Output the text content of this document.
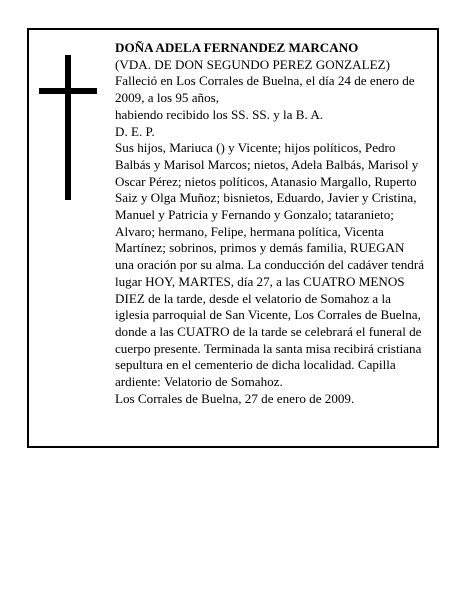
DOÑA ADELA FERNANDEZ MARCANO

(VDA. DE DON SEGUNDO PEREZ GONZALEZ)

Falleció en Los Corrales de Buelna, el día 24 de enero de 2009, a los 95 años,

habiendo recibido los SS. SS. y la B. A.

D. E. P.

Sus hijos, Mariuca () y Vicente; hijos políticos, Pedro Balbás y Marisol Marcos; nietos, Adela Balbás, Marisol y Oscar Pérez; nietos políticos, Atanasio Margallo, Ruperto Saiz y Olga Muñoz; bisnietos, Eduardo, Javier y Cristina, Manuel y Patricia y Fernando y Gonzalo; tataranieto; Alvaro; hermano, Felipe, hermana política, Vicenta Martínez; sobrinos, primos y demás familia, RUEGAN una oración por su alma. La conducción del cadáver tendrá lugar HOY, MARTES, día 27, a las CUATRO MENOS DIEZ de la tarde, desde el velatorio de Somahoz a la iglesia parroquial de San Vicente, Los Corrales de Buelna, donde a las CUATRO de la tarde se celebrará el funeral de cuerpo presente. Terminada la santa misa recibirá cristiana sepultura en el cementerio de dicha localidad. Capilla ardiente: Velatorio de Somahoz.

Los Corrales de Buelna, 27 de enero de 2009.
